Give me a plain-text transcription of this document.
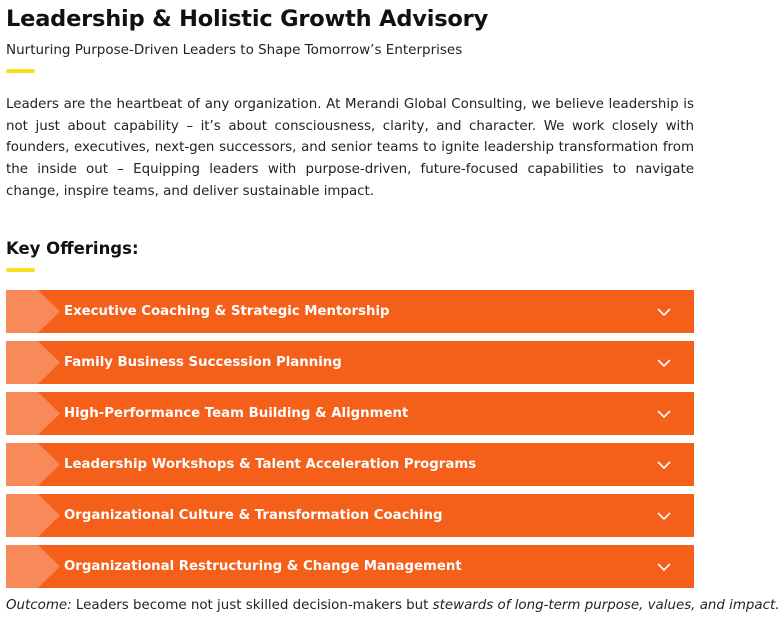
Leadership & Holistic Growth Advisory
Nurturing Purpose-Driven Leaders to Shape Tomorrow’s Enterprises

Leaders are the heartbeat of any organization. At Merandi Global Consulting, we believe leadership is not just about capability – it’s about consciousness, clarity, and character. We work closely with founders, executives, next-gen successors, and senior teams to ignite leadership transformation from the inside out – Equipping leaders with purpose-driven, future-focused capabilities to navigate change, inspire teams, and deliver sustainable impact.

Key Offerings:
Executive Coaching & Strategic Mentorship
Family Business Succession Planning
High-Performance Team Building & Alignment
Leadership Workshops & Talent Acceleration Programs
Organizational Culture & Transformation Coaching
Organizational Restructuring & Change Management
Outcome: Leaders become not just skilled decision-makers but stewards of long-term purpose, values, and impact.
